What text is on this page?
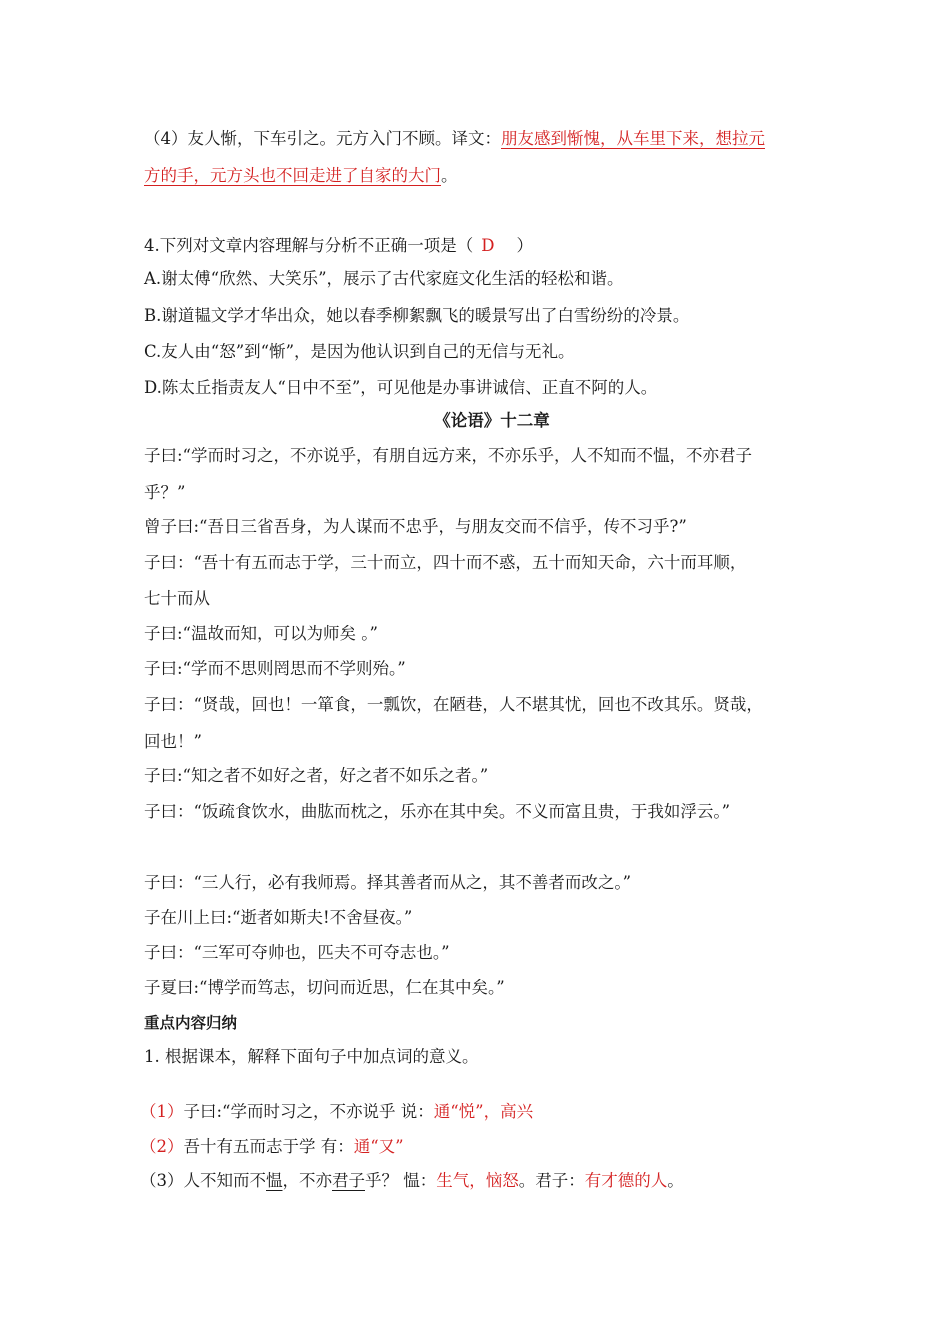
（4）友人惭，下车引之。元方入门不顾。译文：朋友感到惭愧，从车里下来，想拉元
方的手，元方头也不回走进了自家的大门。
4.下列对文章内容理解与分析不正确一项是（ D ）
A.谢太傅“欣然、大笑乐”，展示了古代家庭文化生活的轻松和谐。
B.谢道韫文学才华出众，她以春季柳絮飘飞的暖景写出了白雪纷纷的冷景。
C.友人由“怒”到“惭”，是因为他认识到自己的无信与无礼。
D.陈太丘指责友人“日中不至”，可见他是办事讲诚信、正直不阿的人。
《论语》十二章
子曰:“学而时习之，不亦说乎，有朋自远方来，不亦乐乎，人不知而不愠，不亦君子
乎？”
曾子曰:“吾日三省吾身，为人谋而不忠乎，与朋友交而不信乎，传不习乎?”
子曰：“吾十有五而志于学，三十而立，四十而不惑，五十而知天命，六十而耳顺，
七十而从
子曰:“温故而知，可以为师矣 。”
子曰:“学而不思则罔思而不学则殆。”
子曰：“贤哉，回也！一箪食，一瓢饮，在陋巷，人不堪其忧，回也不改其乐。贤哉，
回也！”
子曰:“知之者不如好之者，好之者不如乐之者。”
子曰：“饭疏食饮水，曲肱而枕之，乐亦在其中矣。不义而富且贵，于我如浮云。”
子曰：“三人行，必有我师焉。择其善者而从之，其不善者而改之。”
子在川上曰:“逝者如斯夫!不舍昼夜。”
子曰：“三军可夺帅也，匹夫不可夺志也。”
子夏曰:“博学而笃志，切问而近思，仁在其中矣。”
重点内容归纳
1. 根据课本，解释下面句子中加点词的意义。
（1）子曰:“学而时习之，不亦说乎 说：通“悦”，高兴
（2）吾十有五而志于学 有：通“又”
（3）人不知而不愠，不亦君子乎？ 愠：生气，恼怒。君子：有才德的人。
